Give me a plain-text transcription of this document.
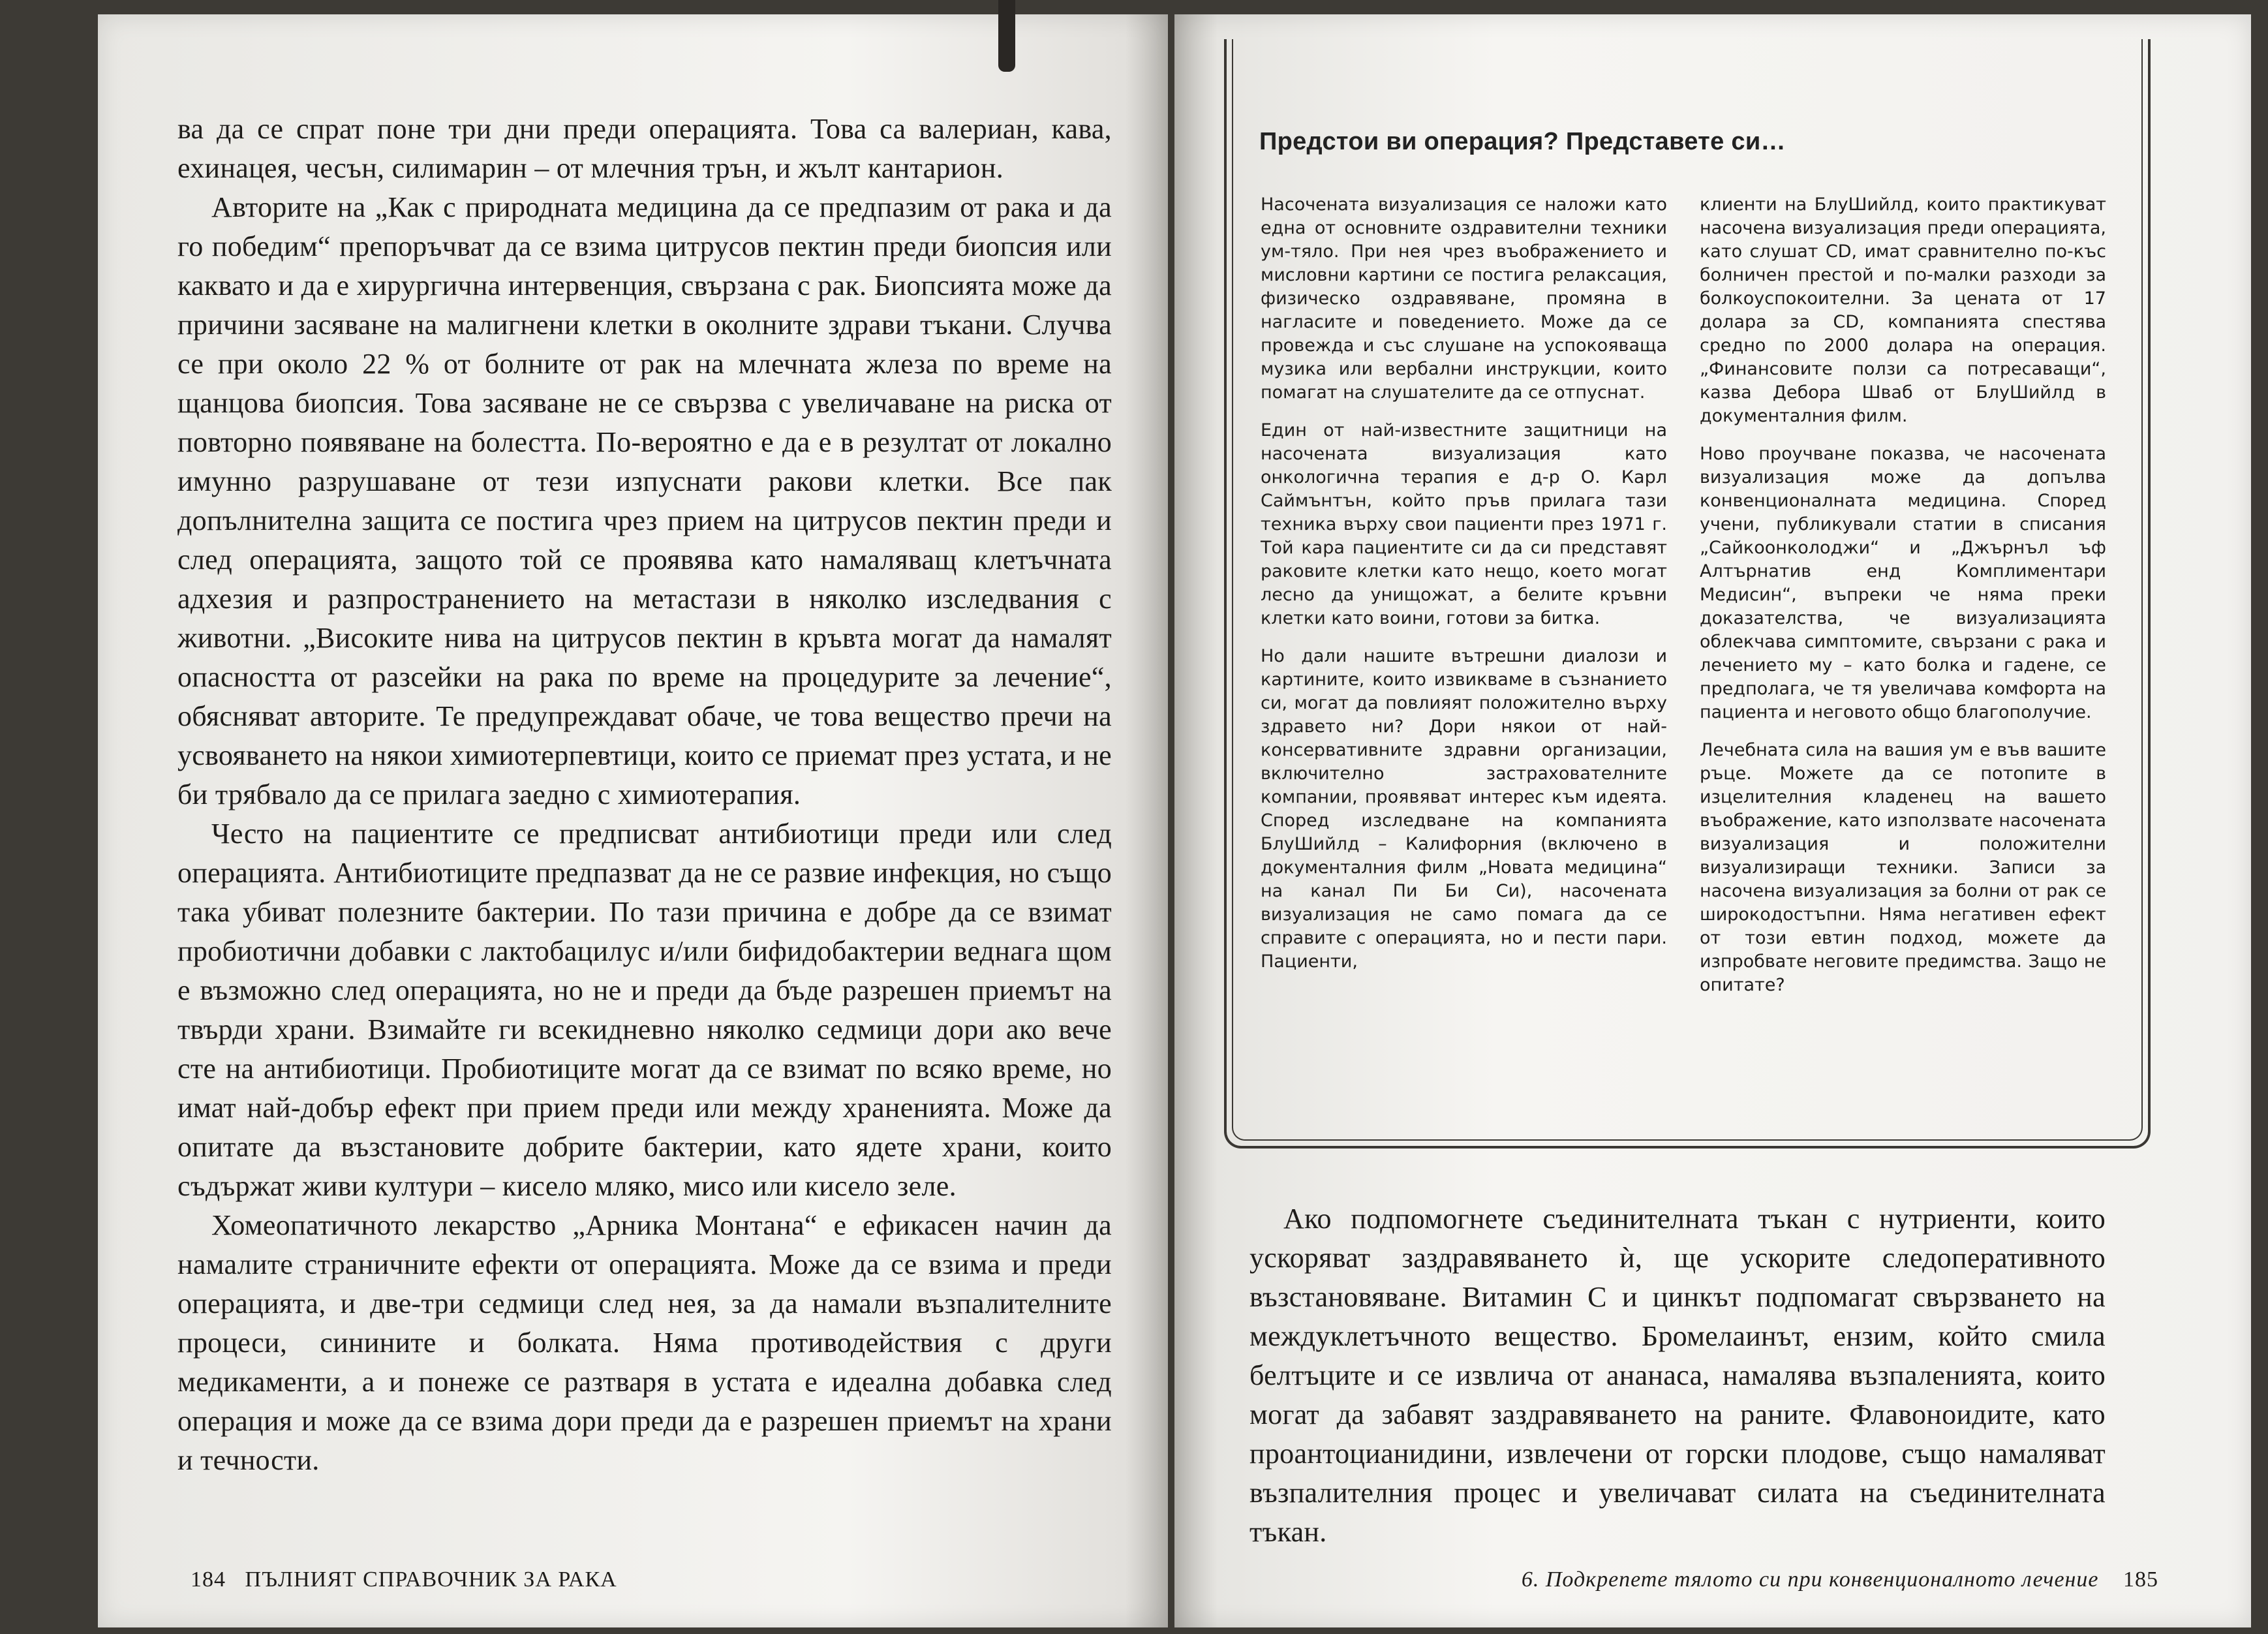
ва да се спрат поне три дни преди операцията. Това са валериан, кава, ехинацея, чесън, силимарин – от млечния трън, и жълт кантарион.

Авторите на „Как с природната медицина да се предпазим от рака и да го победим“ препоръчват да се взима цитрусов пектин преди биопсия или каквато и да е хирургична интервенция, свързана с рак. Биопсията може да причини засяване на малигнени клетки в околните здрави тъкани. Случва се при около 22 % от болните от рак на млечната жлеза по време на щанцова биопсия. Това засяване не се свързва с увеличаване на риска от повторно появяване на болестта. По-вероятно е да е в резултат от локално имунно разрушаване от тези изпуснати ракови клетки. Все пак допълнителна защита се постига чрез прием на цитрусов пектин преди и след операцията, защото той се проявява като намаляващ клетъчната адхезия и разпространението на метастази в няколко изследвания с животни. „Високите нива на цитрусов пектин в кръвта могат да намалят опасността от разсейки на рака по време на процедурите за лечение“, обясняват авторите. Те предупреждават обаче, че това вещество пречи на усвояването на някои химиотерпевтици, които се приемат през устата, и не би трябвало да се прилага заедно с химиотерапия.

Често на пациентите се предписват антибиотици преди или след операцията. Антибиотиците предпазват да не се развие инфекция, но също така убиват полезните бактерии. По тази причина е добре да се взимат пробиотични добавки с лактобацилус и/или бифидобактерии веднага щом е възможно след операцията, но не и преди да бъде разрешен приемът на твърди храни. Взимайте ги всекидневно няколко седмици дори ако вече сте на антибиотици. Пробиотиците могат да се взимат по всяко време, но имат най-добър ефект при прием преди или между храненията. Може да опитате да възстановите добрите бактерии, като ядете храни, които съдържат живи култури – кисело мляко, мисо или кисело зеле.

Хомеопатичното лекарство „Арника Монтана“ е ефикасен начин да намалите страничните ефекти от операцията. Може да се взима и преди операцията, и две-три седмици след нея, за да намали възпалителните процеси, синините и болката. Няма противодействия с други медикаменти, а и понеже се разтваря в устата е идеална добавка след операция и може да се взима дори преди да е разрешен приемът на храни и течности.

184 ПЪЛНИЯТ СПРАВОЧНИК ЗА РАКА
Предстои ви операция? Представете си…

Насочената визуализация се наложи като една от основните оздравителни техники ум-тяло. При нея чрез въображението и мисловни картини се постига релаксация, физическо оздравяване, промяна в нагласите и поведението. Може да се провежда и със слушане на успокояваща музика или вербални инструкции, които помагат на слушателите да се отпуснат.

Един от най-известните защитници на насочената визуализация като онкологична терапия е д-р О. Карл Саймънтън, който пръв прилага тази техника върху свои пациенти през 1971 г. Той кара пациентите си да си представят раковите клетки като нещо, което могат лесно да унищожат, а белите кръвни клетки като воини, готови за битка.

Но дали нашите вътрешни диалози и картините, които извикваме в съзнанието си, могат да повлияят положително върху здравето ни? Дори някои от най-консервативните здравни организации, включително застрахователните компании, проявяват интерес към идеята. Според изследване на компанията БлуШийлд – Калифорния (включено в документалния филм „Новата медицина“ на канал Пи Би Си), насочената визуализация не само помага да се справите с операцията, но и пести пари. Пациенти,

клиенти на БлуШийлд, които практикуват насочена визуализация преди операцията, като слушат CD, имат сравнително по-къс болничен престой и по-малки разходи за болкоуспокоителни. За цената от 17 долара за CD, компанията спестява средно по 2000 долара на операция. „Финансовите ползи са потресаващи“, казва Дебора Шваб от БлуШийлд в документалния филм.

Ново проучване показва, че насочената визуализация може да допълва конвенционалната медицина. Според учени, публикували статии в списания „Сайкоонколоджи“ и „Джърнъл ъф Алтърнатив енд Комплиментари Медисин“, въпреки че няма преки доказателства, че визуализацията облекчава симптомите, свързани с рака и лечението му – като болка и гадене, се предполага, че тя увеличава комфорта на пациента и неговото общо благополучие.

Лечебната сила на вашия ум е във вашите ръце. Можете да се потопите в изцелителния кладенец на вашето въображение, като използвате насочената визуализация и положителни визуализиращи техники. Записи за насочена визуализация за болни от рак се широкодостъпни. Няма негативен ефект от този евтин подход, можете да изпробвате неговите предимства. Защо не опитате?

Ако подпомогнете съединителната тъкан с нутриенти, които ускоряват заздравяването ѝ, ще ускорите следоперативното възстановяване. Витамин С и цинкът подпомагат свързването на междуклетъчното вещество. Бромелаинът, ензим, който смила белтъците и се извлича от ананаса, намалява възпаленията, които могат да забавят заздравяването на раните. Флавоноидите, като проантоцианидини, извлечени от горски плодове, също намаляват възпалителния процес и увеличават силата на съединителната тъкан.

6. Подкрепете тялото си при конвенционалното лечение 185
